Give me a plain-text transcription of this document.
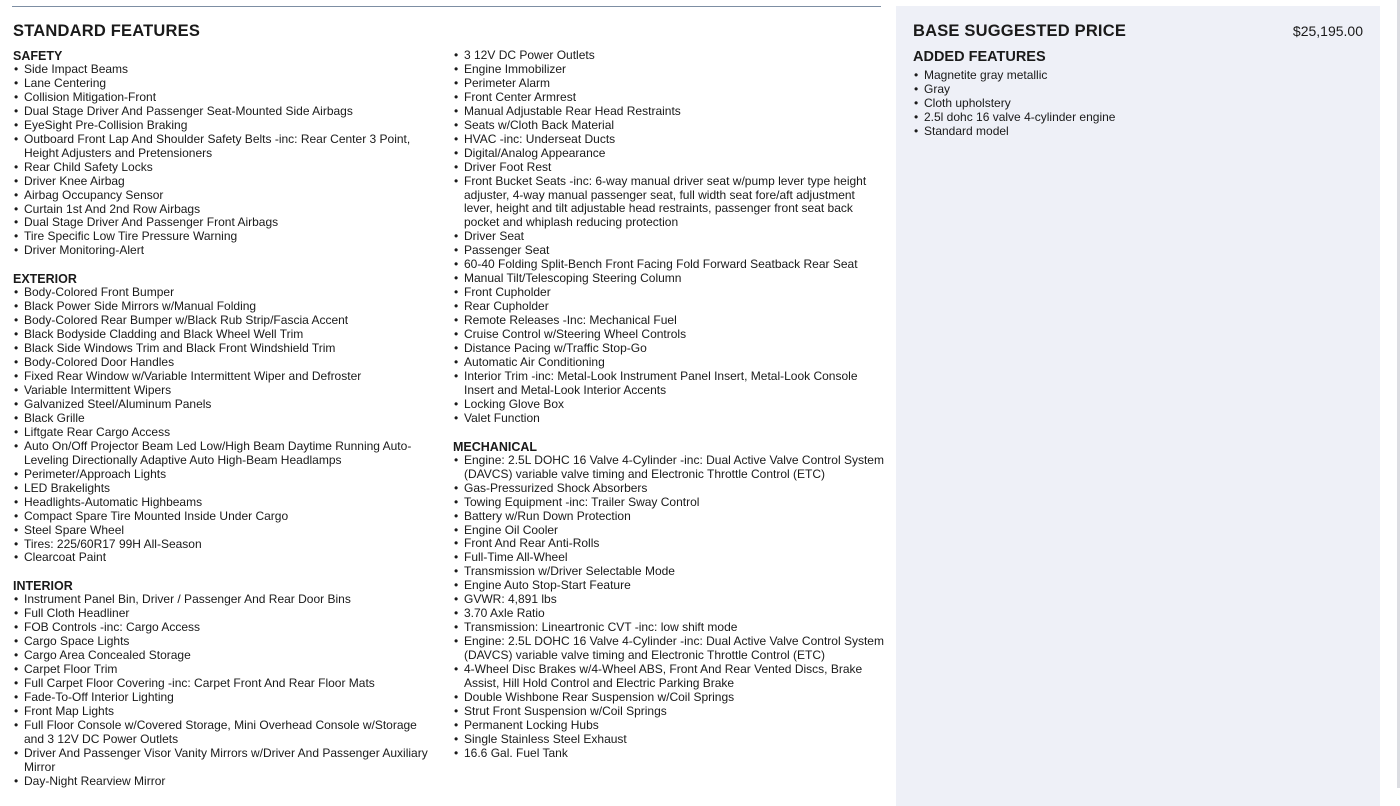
STANDARD FEATURES
SAFETY
• Side Impact Beams
• Lane Centering
• Collision Mitigation-Front
• Dual Stage Driver And Passenger Seat-Mounted Side Airbags
• EyeSight Pre-Collision Braking
• Outboard Front Lap And Shoulder Safety Belts -inc: Rear Center 3 Point, Height Adjusters and Pretensioners
• Rear Child Safety Locks
• Driver Knee Airbag
• Airbag Occupancy Sensor
• Curtain 1st And 2nd Row Airbags
• Dual Stage Driver And Passenger Front Airbags
• Tire Specific Low Tire Pressure Warning
• Driver Monitoring-Alert
EXTERIOR
• Body-Colored Front Bumper
• Black Power Side Mirrors w/Manual Folding
• Body-Colored Rear Bumper w/Black Rub Strip/Fascia Accent
• Black Bodyside Cladding and Black Wheel Well Trim
• Black Side Windows Trim and Black Front Windshield Trim
• Body-Colored Door Handles
• Fixed Rear Window w/Variable Intermittent Wiper and Defroster
• Variable Intermittent Wipers
• Galvanized Steel/Aluminum Panels
• Black Grille
• Liftgate Rear Cargo Access
• Auto On/Off Projector Beam Led Low/High Beam Daytime Running Auto-Leveling Directionally Adaptive Auto High-Beam Headlamps
• Perimeter/Approach Lights
• LED Brakelights
• Headlights-Automatic Highbeams
• Compact Spare Tire Mounted Inside Under Cargo
• Steel Spare Wheel
• Tires: 225/60R17 99H All-Season
• Clearcoat Paint
INTERIOR
• Instrument Panel Bin, Driver / Passenger And Rear Door Bins
• Full Cloth Headliner
• FOB Controls -inc: Cargo Access
• Cargo Space Lights
• Cargo Area Concealed Storage
• Carpet Floor Trim
• Full Carpet Floor Covering -inc: Carpet Front And Rear Floor Mats
• Fade-To-Off Interior Lighting
• Front Map Lights
• Full Floor Console w/Covered Storage, Mini Overhead Console w/Storage and 3 12V DC Power Outlets
• Driver And Passenger Visor Vanity Mirrors w/Driver And Passenger Auxiliary Mirror
• Day-Night Rearview Mirror
• 3 12V DC Power Outlets
• Engine Immobilizer
• Perimeter Alarm
• Front Center Armrest
• Manual Adjustable Rear Head Restraints
• Seats w/Cloth Back Material
• HVAC -inc: Underseat Ducts
• Digital/Analog Appearance
• Driver Foot Rest
• Front Bucket Seats -inc: 6-way manual driver seat w/pump lever type height adjuster, 4-way manual passenger seat, full width seat fore/aft adjustment lever, height and tilt adjustable head restraints, passenger front seat back pocket and whiplash reducing protection
• Driver Seat
• Passenger Seat
• 60-40 Folding Split-Bench Front Facing Fold Forward Seatback Rear Seat
• Manual Tilt/Telescoping Steering Column
• Front Cupholder
• Rear Cupholder
• Remote Releases -Inc: Mechanical Fuel
• Cruise Control w/Steering Wheel Controls
• Distance Pacing w/Traffic Stop-Go
• Automatic Air Conditioning
• Interior Trim -inc: Metal-Look Instrument Panel Insert, Metal-Look Console Insert and Metal-Look Interior Accents
• Locking Glove Box
• Valet Function
MECHANICAL
• Engine: 2.5L DOHC 16 Valve 4-Cylinder -inc: Dual Active Valve Control System (DAVCS) variable valve timing and Electronic Throttle Control (ETC)
• Gas-Pressurized Shock Absorbers
• Towing Equipment -inc: Trailer Sway Control
• Battery w/Run Down Protection
• Engine Oil Cooler
• Front And Rear Anti-Rolls
• Full-Time All-Wheel
• Transmission w/Driver Selectable Mode
• Engine Auto Stop-Start Feature
• GVWR: 4,891 lbs
• 3.70 Axle Ratio
• Transmission: Lineartronic CVT -inc: low shift mode
• Engine: 2.5L DOHC 16 Valve 4-Cylinder -inc: Dual Active Valve Control System (DAVCS) variable valve timing and Electronic Throttle Control (ETC)
• 4-Wheel Disc Brakes w/4-Wheel ABS, Front And Rear Vented Discs, Brake Assist, Hill Hold Control and Electric Parking Brake
• Double Wishbone Rear Suspension w/Coil Springs
• Strut Front Suspension w/Coil Springs
• Permanent Locking Hubs
• Single Stainless Steel Exhaust
• 16.6 Gal. Fuel Tank
BASE SUGGESTED PRICE	$25,195.00
ADDED FEATURES
• Magnetite gray metallic
• Gray
• Cloth upholstery
• 2.5l dohc 16 valve 4-cylinder engine
• Standard model
